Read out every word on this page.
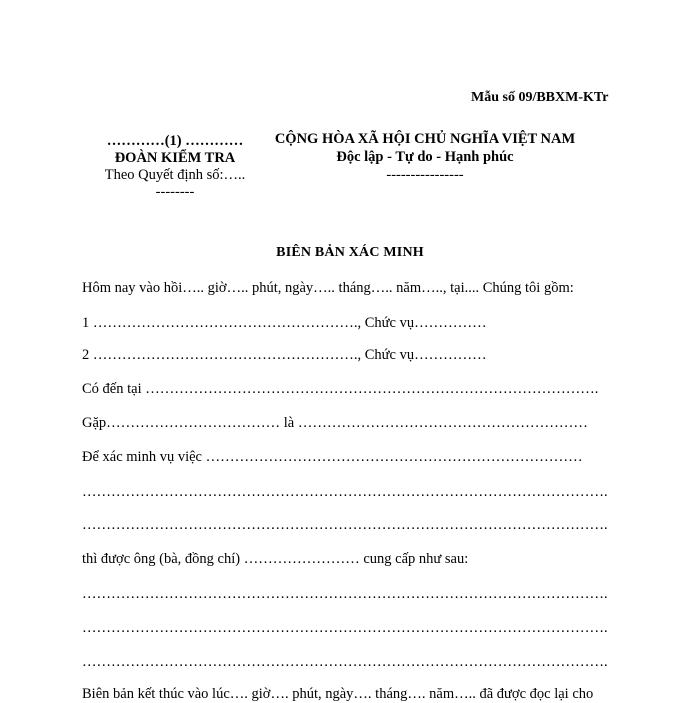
Mẫu số 09/BBXM-KTr
…………(1) …………
ĐOÀN KIỂM TRA
Theo Quyết định số:…..
--------
CỘNG HÒA XÃ HỘI CHỦ NGHĨA VIỆT NAM
Độc lập - Tự do - Hạnh phúc
----------------
BIÊN BẢN XÁC MINH
Hôm nay vào hồi….. giờ….. phút, ngày….. tháng….. năm….., tại.... Chúng tôi gồm:
1 ………………………………………………., Chức vụ……………
2 ………………………………………………., Chức vụ……………
Có đến tại ………………………………………………………………………………….
Gặp……………………………… là ……………………………………………………
Để xác minh vụ việc ……………………………………………………………………
……………………………………………………………………………………………….
……………………………………………………………………………………………….
thì được ông (bà, đồng chí) …………………… cung cấp như sau:
……………………………………………………………………………………………….
……………………………………………………………………………………………….
……………………………………………………………………………………………….
Biên bản kết thúc vào lúc…. giờ…. phút, ngày…. tháng…. năm….. đã được đọc lại cho
